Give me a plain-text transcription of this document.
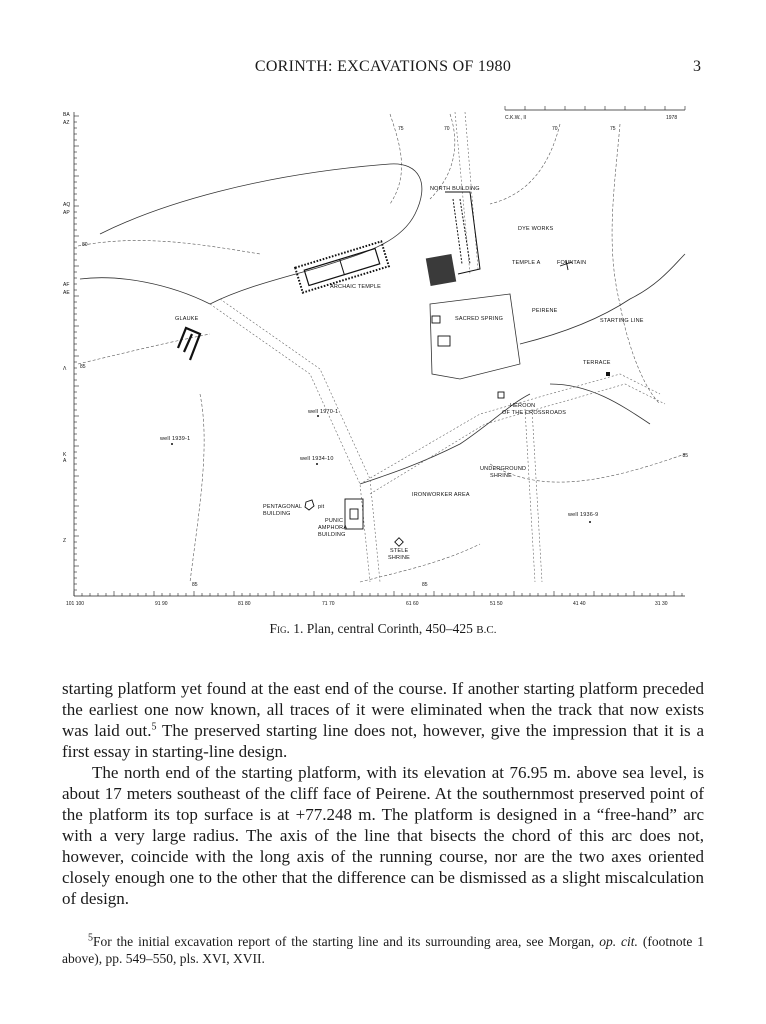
CORINTH: EXCAVATIONS OF 1980	3
C.K.W., II	1978
75	70	70	75
80
85
85	85
85
NORTH BUILDING
DYE WORKS
TEMPLE A	FOUNTAIN
ARCHAIC TEMPLE
GLAUKE	SACRED SPRING
PEIRENE
STARTING LINE
TERRACE
HEROON
OF THE CROSSROADS
well 1970-1
well 1939-1
well 1934-10
UNDERGROUND
SHRINE
IRONWORKER AREA
PENTAGONAL
BUILDING
pit
PUNIC
AMPHORA
BUILDING
well 1936-9
STELE
SHRINE
BA
AZ
AQ
AP
AF
AE
Λ
K
A
Z
101 100	91 90	81 80	71 70	61 60	51 50	41 40	31 30
Fig. 1. Plan, central Corinth, 450–425 B.C.

starting platform yet found at the east end of the course. If another starting platform preceded the earliest one now known, all traces of it were eliminated when the track that now exists was laid out.$^5$ The preserved starting line does not, however, give the impression that it is a first essay in starting-line design.

The north end of the starting platform, with its elevation at 76.95 m. above sea level, is about 17 meters southeast of the cliff face of Peirene. At the southernmost preserved point of the platform its top surface is at +77.248 m. The platform is designed in a “free-hand” arc with a very large radius. The axis of the line that bisects the chord of this arc does not, however, coincide with the long axis of the running course, nor are the two axes oriented closely enough one to the other that the difference can be dismissed as a slight miscalculation of design.

$^5$For the initial excavation report of the starting line and its surrounding area, see Morgan, op. cit. (footnote 1 above), pp. 549–550, pls. XVI, XVII.
